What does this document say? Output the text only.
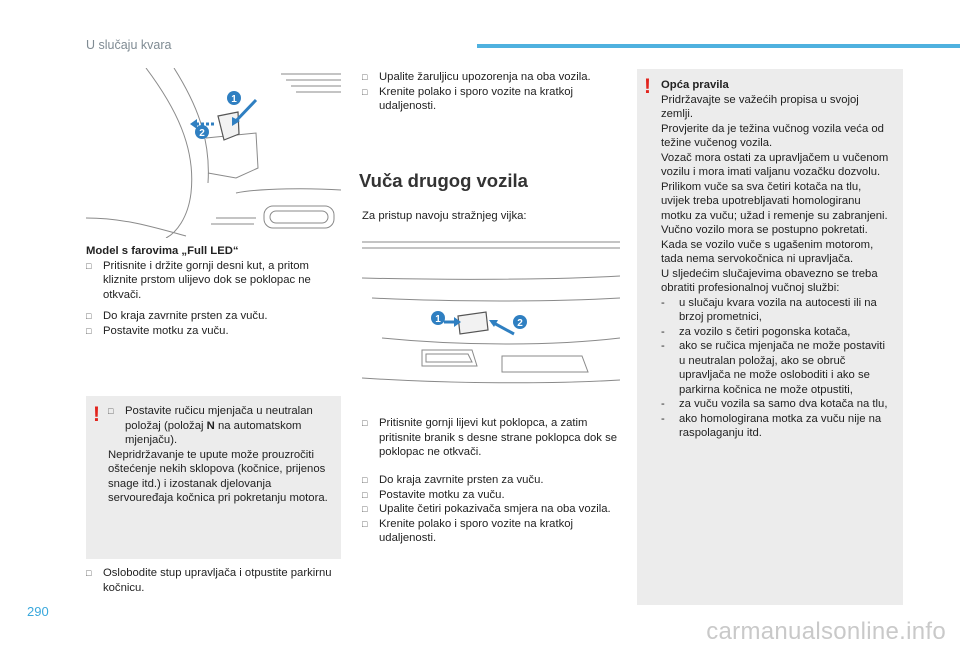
U slučaju kvara
1
2
Model s farovima „Full LED“

□ Pritisnite i držite gornji desni kut, a pritom kliznite prstom ulijevo dok se poklopac ne otkvači.

□ Do kraja zavrnite prsten za vuču.

□ Postavite motku za vuču.

!

□	Postavite ručicu mjenjača u neutralan položaj (položaj N na automatskom mjenjaču).

Nepridržavanje te upute može prouzročiti oštećenje nekih sklopova (kočnice, prijenos snage itd.) i izostanak djelovanja servouređaja kočnica pri pokretanju motora.

□ Oslobodite stup upravljača i otpustite parkirnu kočnicu.

□ Upalite žaruljicu upozorenja na oba vozila.

□ Krenite polako i sporo vozite na kratkoj udaljenosti.

Vuča drugog vozila
Za pristup navoju stražnjeg vijka:
1	2

□ Pritisnite gornji lijevi kut poklopca, a zatim pritisnite branik s desne strane poklopca dok se poklopac ne otkvači.

□ Do kraja zavrnite prsten za vuču.

□ Postavite motku za vuču.

□ Upalite četiri pokazivača smjera na oba vozila.

□ Krenite polako i sporo vozite na kratkoj udaljenosti.

! Opća pravila
Pridržavajte se važećih propisa u svojoj zemlji.
Provjerite da je težina vučnog vozila veća od težine vučenog vozila.
Vozač mora ostati za upravljačem u vučenom vozilu i mora imati valjanu vozačku dozvolu.
Prilikom vuče sa sva četiri kotača na tlu, uvijek treba upotrebljavati homologiranu motku za vuču; užad i remenje su zabranjeni.
Vučno vozilo mora se postupno pokretati.
Kada se vozilo vuče s ugašenim motorom, tada nema servokočnica ni upravljača.
U sljedećim slučajevima obavezno se treba obratiti profesionalnoj vučnoj službi:
- u slučaju kvara vozila na autocesti ili na brzoj prometnici,
- za vozilo s četiri pogonska kotača,
- ako se ručica mjenjača ne može postaviti u neutralan položaj, ako se obruč upravljača ne može osloboditi i ako se parkirna kočnica ne može otpustiti,
- za vuču vozila sa samo dva kotača na tlu,
- ako homologirana motka za vuču nije na raspolaganju itd.
290
carmanualsonline.info
